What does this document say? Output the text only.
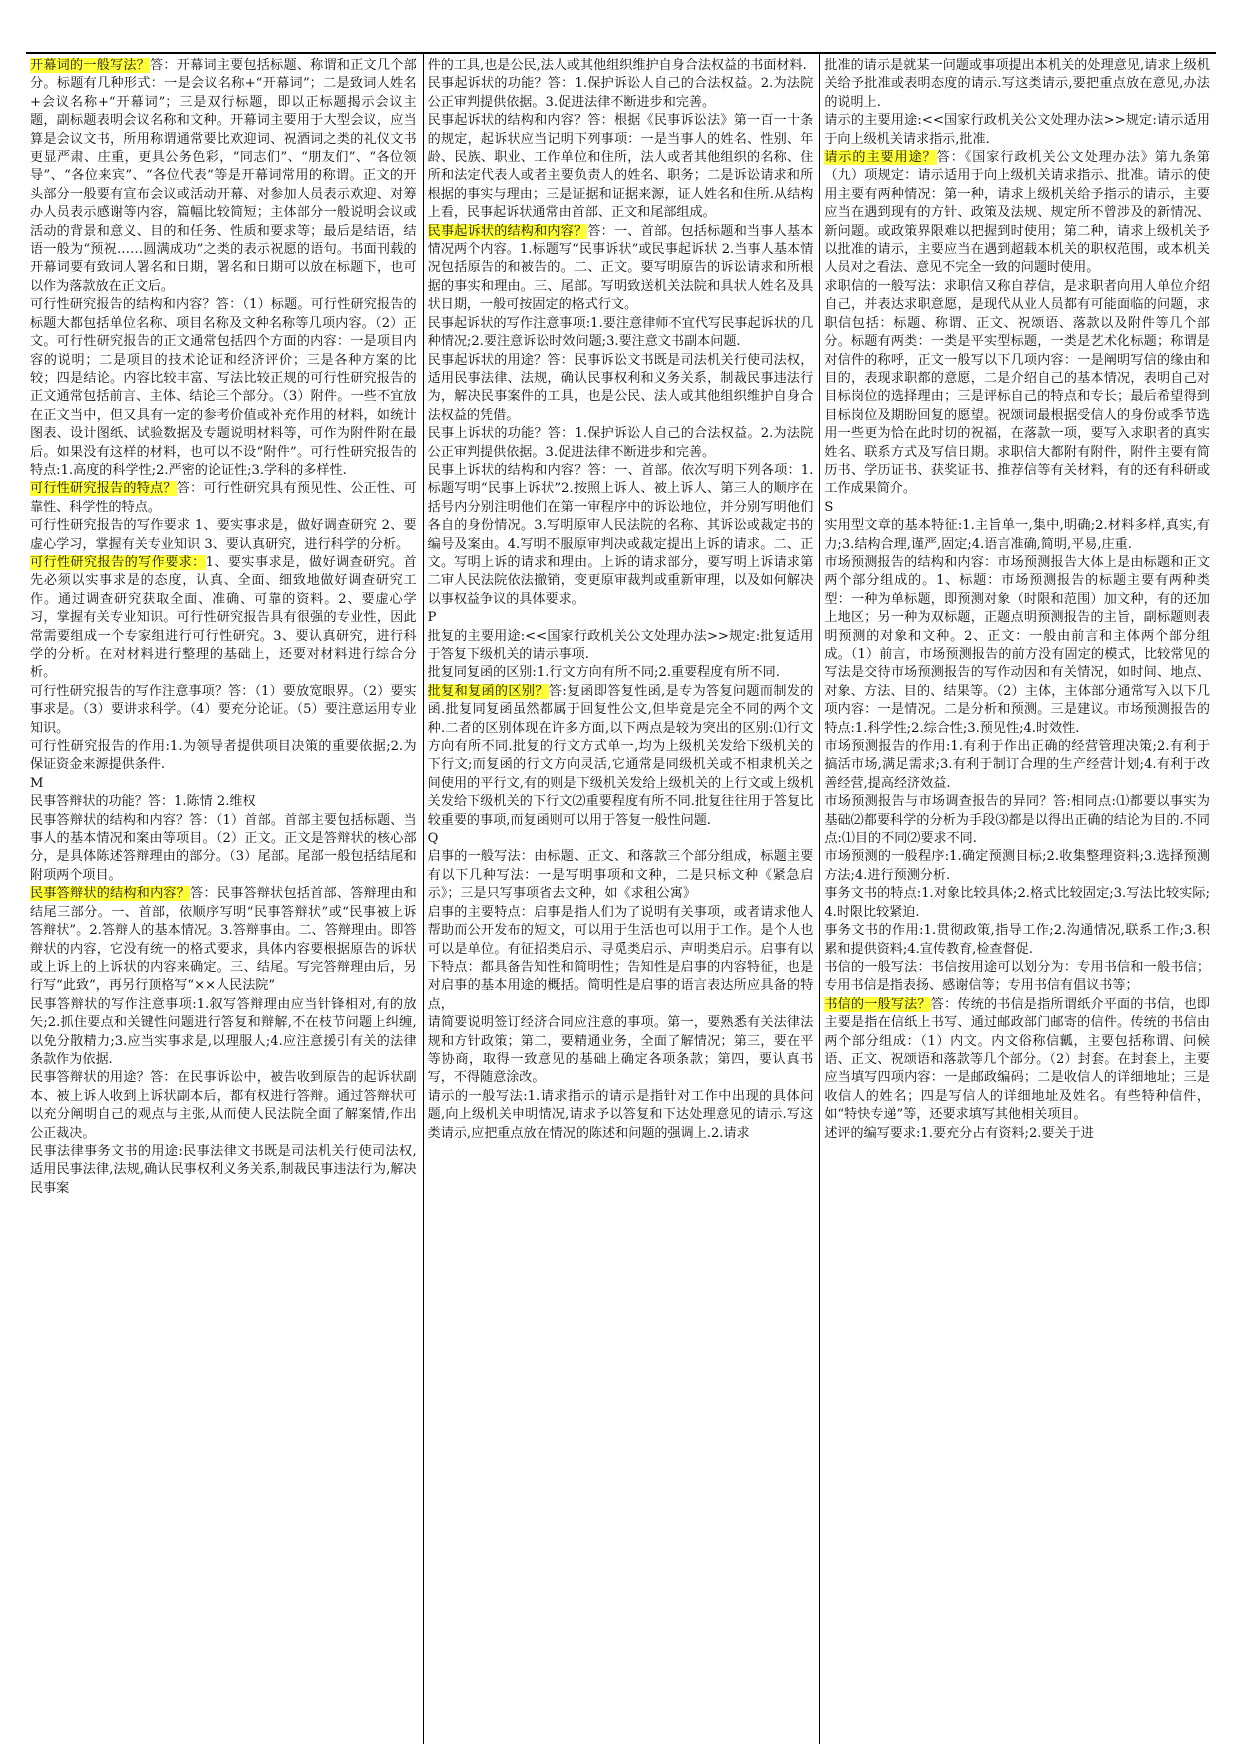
开幕词的一般写法？答：开幕词主要包括标题、称谓和正文几个部分。标题有几种形式：一是会议名称+“开幕词”；二是致词人姓名+会议名称+“开幕词”；三是双行标题，即以正标题揭示会议主题，副标题表明会议名称和文种。开幕词主要用于大型会议，应当算是会议文书，所用称谓通常要比欢迎词、祝酒词之类的礼仪文书更显严肃、庄重，更具公务色彩，“同志们”、“朋友们”、“各位领导”、“各位来宾”、“各位代表”等是开幕词常用的称谓。正文的开头部分一般要有宣布会议或活动开幕、对参加人员表示欢迎、对筹办人员表示感谢等内容，篇幅比较简短；主体部分一般说明会议或活动的背景和意义、目的和任务、性质和要求等；最后是结语，结语一般为“预祝……圆满成功”之类的表示祝愿的语句。书面刊载的开幕词要有致词人署名和日期，署名和日期可以放在标题下，也可以作为落款放在正文后。

可行性研究报告的结构和内容？答：（1）标题。可行性研究报告的标题大都包括单位名称、项目名称及文种名称等几项内容。（2）正文。可行性研究报告的正文通常包括四个方面的内容：一是项目内容的说明；二是项目的技术论证和经济评价；三是各种方案的比较；四是结论。内容比较丰富、写法比较正规的可行性研究报告的正文通常包括前言、主体、结论三个部分。（3）附件。一些不宜放在正文当中，但又具有一定的参考价值或补充作用的材料，如统计图表、设计图纸、试验数据及专题说明材料等，可作为附件附在最后。如果没有这样的材料，也可以不设“附件”。可行性研究报告的特点:1.高度的科学性;2.严密的论证性;3.学科的多样性.

可行性研究报告的特点？答：可行性研究具有预见性、公正性、可靠性、科学性的特点。

可行性研究报告的写作要求 1、要实事求是，做好调查研究 2、要虚心学习，掌握有关专业知识 3、要认真研究，进行科学的分析。

可行性研究报告的写作要求：1、要实事求是，做好调查研究。首先必须以实事求是的态度，认真、全面、细致地做好调查研究工作。通过调查研究获取全面、准确、可靠的资料。2、要虚心学习，掌握有关专业知识。可行性研究报告具有很强的专业性，因此常需要组成一个专家组进行可行性研究。3、要认真研究，进行科学的分析。在对材料进行整理的基础上，还要对材料进行综合分析。

可行性研究报告的写作注意事项？答：（1）要放宽眼界。（2）要实事求是。（3）要讲求科学。（4）要充分论证。（5）要注意运用专业知识。

可行性研究报告的作用:1.为领导者提供项目决策的重要依据;2.为保证资金来源提供条件.

M

民事答辩状的功能？答：1.陈情 2.维权

民事答辩状的结构和内容？答：（1）首部。首部主要包括标题、当事人的基本情况和案由等项目。（2）正文。正文是答辩状的核心部分，是具体陈述答辩理由的部分。（3）尾部。尾部一般包括结尾和附项两个项目。

民事答辩状的结构和内容？答：民事答辩状包括首部、答辩理由和结尾三部分。一、首部，依顺序写明“民事答辩状”或“民事被上诉答辩状”。2.答辩人的基本情况。3.答辩事由。二、答辩理由。即答辩状的内容，它没有统一的格式要求，具体内容要根据原告的诉状或上诉上的上诉状的内容来确定。三、结尾。写完答辩理由后，另行写“此致”，再另行顶格写“××人民法院”

民事答辩状的写作注意事项:1.叙写答辩理由应当针锋相对,有的放矢;2.抓住要点和关键性问题进行答复和辩解,不在枝节问题上纠缠,以免分散精力;3.应当实事求是,以理服人;4.应注意援引有关的法律条款作为依据.

民事答辩状的用途？答：在民事诉讼中，被告收到原告的起诉状副本、被上诉人收到上诉状副本后，都有权进行答辩。通过答辩状可以充分阐明自己的观点与主张,从而使人民法院全面了解案情,作出公正裁决。

民事法律事务文书的用途:民事法律文书既是司法机关行使司法权,适用民事法律,法规,确认民事权利义务关系,制裁民事违法行为,解决民事案

件的工具,也是公民,法人或其他组织维护自身合法权益的书面材料.

民事起诉状的功能？答：1.保护诉讼人自己的合法权益。2.为法院公正审判提供依据。3.促进法律不断进步和完善。

民事起诉状的结构和内容？答：根据《民事诉讼法》第一百一十条的规定，起诉状应当记明下列事项：一是当事人的姓名、性别、年龄、民族、职业、工作单位和住所，法人或者其他组织的名称、住所和法定代表人或者主要负责人的姓名、职务；二是诉讼请求和所根据的事实与理由；三是证据和证据来源，证人姓名和住所.从结构上看，民事起诉状通常由首部、正文和尾部组成。

民事起诉状的结构和内容？答：一、首部。包括标题和当事人基本情况两个内容。1.标题写“民事诉状”或民事起诉状 2.当事人基本情况包括原告的和被告的。二、正文。要写明原告的诉讼请求和所根据的事实和理由。三、尾部。写明致送机关法院和具状人姓名及具状日期，一般可按固定的格式行文。

民事起诉状的写作注意事项:1.要注意律师不宜代写民事起诉状的几种情况;2.要注意诉讼时效问题;3.要注意文书副本问题.

民事起诉状的用途？答：民事诉讼文书既是司法机关行使司法权，适用民事法律、法规，确认民事权利和义务关系，制裁民事违法行为，解决民事案件的工具，也是公民、法人或其他组织维护自身合法权益的凭借。

民事上诉状的功能？答：1.保护诉讼人自己的合法权益。2.为法院公正审判提供依据。3.促进法律不断进步和完善。

民事上诉状的结构和内容？答：一、首部。依次写明下列各项：1.标题写明“民事上诉状”2.按照上诉人、被上诉人、第三人的顺序在括号内分别注明他们在第一审程序中的诉讼地位，并分别写明他们各自的身份情况。3.写明原审人民法院的名称、其诉讼或裁定书的编号及案由。4.写明不服原审判决或裁定提出上诉的请求。二、正文。写明上诉的请求和理由。上诉的请求部分，要写明上诉请求第二审人民法院依法撤销，变更原审裁判或重新审理，以及如何解决以事权益争议的具体要求。

P

批复的主要用途:<<国家行政机关公文处理办法>>规定:批复适用于答复下级机关的请示事项.

批复同复函的区别:1.行文方向有所不同;2.重要程度有所不同.

批复和复函的区别？答:复函即答复性函,是专为答复问题而制发的函.批复同复函虽然都属于回复性公文,但毕竟是完全不同的两个文种.二者的区别体现在许多方面,以下两点是较为突出的区别:⑴行文方向有所不同.批复的行文方式单一,均为上级机关发给下级机关的下行文;而复函的行文方向灵活,它通常是同级机关或不相隶机关之间使用的平行文,有的则是下级机关发给上级机关的上行文或上级机关发给下级机关的下行文⑵重要程度有所不同.批复往往用于答复比较重要的事项,而复函则可以用于答复一般性问题.

Q

启事的一般写法：由标题、正文、和落款三个部分组成，标题主要有以下几种写法：一是写明事项和文种，二是只标文种《紧急启示》；三是只写事项省去文种，如《求租公寓》

启事的主要特点：启事是指人们为了说明有关事项，或者请求他人帮助而公开发布的短文，可以用于生活也可以用于工作。是个人也可以是单位。有征招类启示、寻觅类启示、声明类启示。启事有以下特点：都具备告知性和简明性；告知性是启事的内容特征，也是对启事的基本用途的概括。简明性是启事的语言表达所应具备的特点，

请简要说明签订经济合同应注意的事项。第一，要熟悉有关法律法规和方针政策；第二，要精通业务，全面了解情况；第三，要在平等协商，取得一致意见的基础上确定各项条款；第四，要认真书写，不得随意涂改。

请示的一般写法:1.请求指示的请示是指针对工作中出现的具体问题,向上级机关申明情况,请求予以答复和下达处理意见的请示.写这类请示,应把重点放在情况的陈述和问题的强调上.2.请求

批准的请示是就某一问题或事项提出本机关的处理意见,请求上级机关给予批准或表明态度的请示.写这类请示,要把重点放在意见,办法的说明上.

请示的主要用途:<<国家行政机关公文处理办法>>规定:请示适用于向上级机关请求指示,批准.

请示的主要用途？答：《国家行政机关公文处理办法》第九条第（九）项规定：请示适用于向上级机关请求指示、批准。请示的使用主要有两种情况：第一种，请求上级机关给予指示的请示，主要应当在遇到现有的方针、政策及法规、规定所不曾涉及的新情况、新问题。或政策界限难以把握到时使用；第二种，请求上级机关予以批准的请示，主要应当在遇到超载本机关的职权范围，或本机关人员对之看法、意见不完全一致的问题时使用。

求职信的一般写法：求职信又称自荐信，是求职者向用人单位介绍自己，并表达求职意愿，是现代从业人员都有可能面临的问题，求职信包括：标题、称谓、正文、祝颂语、落款以及附件等几个部分。标题有两类：一类是平实型标题，一类是艺术化标题；称谓是对信件的称呼，正文一般写以下几项内容：一是阐明写信的缘由和目的，表现求职都的意愿，二是介绍自己的基本情况，表明自己对目标岗位的选择理由；三是评标自己的特点和专长；最后希望得到目标岗位及期盼回复的愿望。祝颂词最根据受信人的身份或季节选用一些更为恰在此时切的祝福，在落款一项，要写入求职者的真实姓名、联系方式及写信日期。求职信大都附有附件，附件主要有简历书、学历证书、获奖证书、推荐信等有关材料，有的还有科研或工作成果简介。

S

实用型文章的基本特征:1.主旨单一,集中,明确;2.材料多样,真实,有力;3.结构合理,谨严,固定;4.语言准确,简明,平易,庄重.

市场预测报告的结构和内容：市场预测报告大体上是由标题和正文两个部分组成的。1、标题：市场预测报告的标题主要有两种类型：一种为单标题，即预测对象（时限和范围）加文种，有的还加上地区；另一种为双标题，正题点明预测报告的主旨，副标题则表明预测的对象和文种。2、正文：一般由前言和主体两个部分组成。（1）前言，市场预测报告的前方没有固定的模式，比较常见的写法是交待市场预测报告的写作动因和有关情况，如时间、地点、对象、方法、目的、结果等。（2）主体，主体部分通常写入以下几项内容：一是情况。二是分析和预测。三是建议。市场预测报告的特点:1.科学性;2.综合性;3.预见性;4.时效性.

市场预测报告的作用:1.有利于作出正确的经营管理决策;2.有利于搞活市场,满足需求;3.有利于制订合理的生产经营计划;4.有利于改善经营,提高经济效益.

市场预测报告与市场调查报告的异同？答:相同点:⑴都要以事实为基础⑵都要科学的分析为手段⑶都是以得出正确的结论为目的.不同点:⑴目的不同⑵要求不同.

市场预测的一般程序:1.确定预测目标;2.收集整理资料;3.选择预测方法;4.进行预测分析.

事务文书的特点:1.对象比较具体;2.格式比较固定;3.写法比较实际;4.时限比较紧迫.

事务文书的作用:1.贯彻政策,指导工作;2.沟通情况,联系工作;3.积累和提供资料;4.宣传教育,检查督促.

书信的一般写法：书信按用途可以划分为：专用书信和一般书信；专用书信是指表扬、感谢信等；专用书信有倡议书等；

书信的一般写法？答：传统的书信是指所谓纸介平面的书信，也即主要是指在信纸上书写、通过邮政部门邮寄的信件。传统的书信由两个部分组成：（1）内文。内文俗称信瓤，主要包括称谓、问候语、正文、祝颂语和落款等几个部分。（2）封套。在封套上，主要应当填写四项内容：一是邮政编码；二是收信人的详细地址；三是收信人的姓名；四是写信人的详细地址及姓名。有些特种信件，如“特快专递”等，还要求填写其他相关项目。

述评的编写要求:1.要充分占有资料;2.要关于进
